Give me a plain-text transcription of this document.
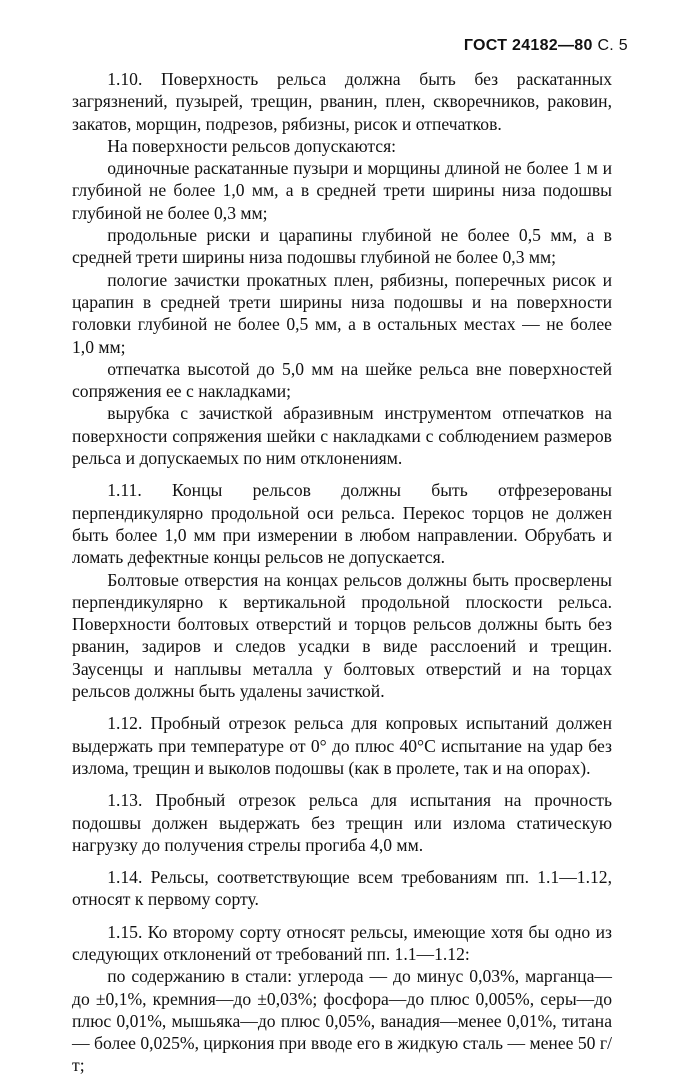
ГОСТ 24182—80 С. 5

1.10. Поверхность рельса должна быть без раскатанных загрязнений, пузырей, трещин, рванин, плен, скворечников, раковин, закатов, морщин, подрезов, рябизны, рисок и отпечатков.

На поверхности рельсов допускаются:

одиночные раскатанные пузыри и морщины длиной не более 1 м и глубиной не более 1,0 мм, а в средней трети ширины низа подошвы глубиной не более 0,3 мм;

продольные риски и царапины глубиной не более 0,5 мм, а в средней трети ширины низа подошвы глубиной не более 0,3 мм;

пологие зачистки прокатных плен, рябизны, поперечных рисок и царапин в средней трети ширины низа подошвы и на поверхности головки глубиной не более 0,5 мм, а в остальных местах — не более 1,0 мм;

отпечатка высотой до 5,0 мм на шейке рельса вне поверхностей сопряжения ее с накладками;

вырубка с зачисткой абразивным инструментом отпечатков на поверхности сопряжения шейки с накладками с соблюдением размеров рельса и допускаемых по ним отклонениям.

1.11. Концы рельсов должны быть отфрезерованы перпендикулярно продольной оси рельса. Перекос торцов не должен быть более 1,0 мм при измерении в любом направлении. Обрубать и ломать дефектные концы рельсов не допускается.

Болтовые отверстия на концах рельсов должны быть просверлены перпендикулярно к вертикальной продольной плоскости рельса. Поверхности болтовых отверстий и торцов рельсов должны быть без рванин, задиров и следов усадки в виде расслоений и трещин. Заусенцы и наплывы металла у болтовых отверстий и на торцах рельсов должны быть удалены зачисткой.

1.12. Пробный отрезок рельса для копровых испытаний должен выдержать при температуре от 0° до плюс 40°С испытание на удар без излома, трещин и выколов подошвы (как в пролете, так и на опорах).

1.13. Пробный отрезок рельса для испытания на прочность подошвы должен выдержать без трещин или излома статическую нагрузку до получения стрелы прогиба 4,0 мм.

1.14. Рельсы, соответствующие всем требованиям пп. 1.1—1.12, относят к первому сорту.

1.15. Ко второму сорту относят рельсы, имеющие хотя бы одно из следующих отклонений от требований пп. 1.1—1.12:

по содержанию в стали: углерода — до минус 0,03%, марганца—до ±0,1%, кремния—до ±0,03%; фосфора—до плюс 0,005%, серы—до плюс 0,01%, мышьяка—до плюс 0,05%, ванадия—менее 0,01%, титана — более 0,025%, циркония при вводе его в жидкую сталь — менее 50 г/т;
